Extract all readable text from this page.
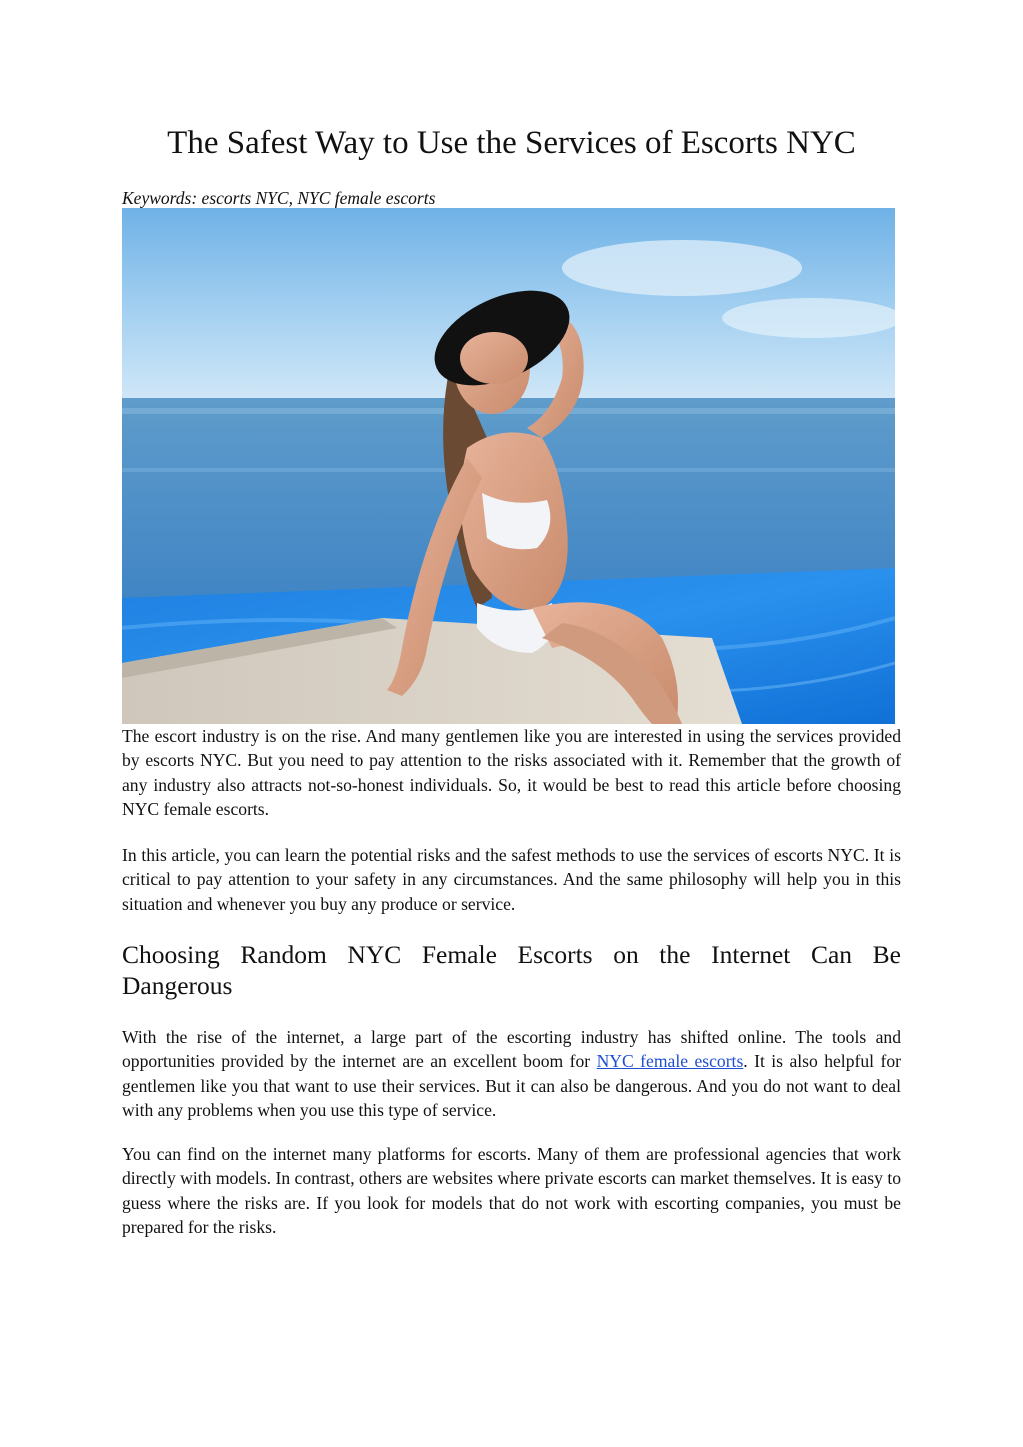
The Safest Way to Use the Services of Escorts NYC

Keywords: escorts NYC, NYC female escorts

The escort industry is on the rise. And many gentlemen like you are interested in using the services provided by escorts NYC. But you need to pay attention to the risks associated with it. Remember that the growth of any industry also attracts not-so-honest individuals. So, it would be best to read this article before choosing NYC female escorts.

In this article, you can learn the potential risks and the safest methods to use the services of escorts NYC. It is critical to pay attention to your safety in any circumstances. And the same philosophy will help you in this situation and whenever you buy any produce or service.

Choosing Random NYC Female Escorts on the Internet Can Be
Dangerous

With the rise of the internet, a large part of the escorting industry has shifted online. The tools and opportunities provided by the internet are an excellent boom for NYC female escorts. It is also helpful for gentlemen like you that want to use their services. But it can also be dangerous. And you do not want to deal with any problems when you use this type of service.

You can find on the internet many platforms for escorts. Many of them are professional agencies that work directly with models. In contrast, others are websites where private escorts can market themselves. It is easy to guess where the risks are. If you look for models that do not work with escorting companies, you must be prepared for the risks.
